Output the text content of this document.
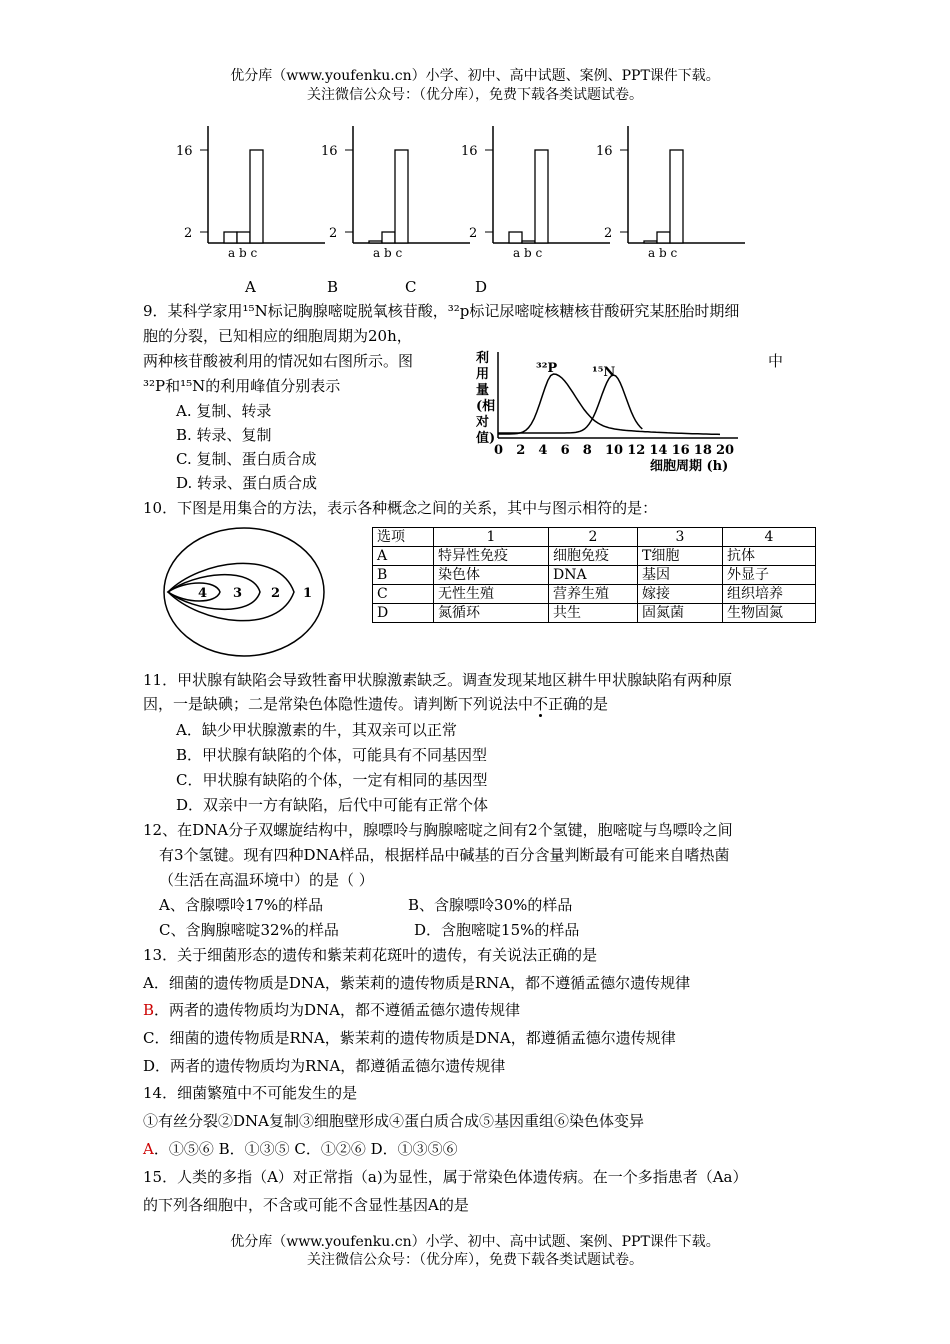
优分库（www.youfenku.cn）小学、初中、高中试题、案例、PPT课件下载。
关注微信公众号：（优分库），免费下载各类试题试卷。
16
2
a b c
16
2
a b c
16
2
a b c
16
2
a b c
A	B	C	D
9．某科学家用¹⁵N标记胸腺嘧啶脱氧核苷酸，³²p标记尿嘧啶核糖核苷酸研究某胚胎时期细
胞的分裂，已知相应的细胞周期为20h，
两种核苷酸被利用的情况如右图所示。图	中
³²P和¹⁵N的利用峰值分别表示
A. 复制、转录
B. 转录、复制
C. 复制、蛋白质合成
D. 转录、蛋白质合成
利
用
量
(相
对
值)
0 2 4 6 8 10 12 14 16 18 20
³²P	¹⁵N
细胞周期 (h)
10．下图是用集合的方法，表示各种概念之间的关系，其中与图示相符的是：
4 3 2 1
选项	1	2	3	4
A	特异性免疫	细胞免疫	T细胞	抗体
B	染色体	DNA	基因	外显子
C	无性生殖	营养生殖	嫁接	组织培养
D	氮循环	共生	固氮菌	生物固氮
11．甲状腺有缺陷会导致牲畜甲状腺激素缺乏。调查发现某地区耕牛甲状腺缺陷有两种原
因，一是缺碘；二是常染色体隐性遗传。请判断下列说法中不正确的是
A．缺少甲状腺激素的牛，其双亲可以正常
B．甲状腺有缺陷的个体，可能具有不同基因型
C．甲状腺有缺陷的个体，一定有相同的基因型
D．双亲中一方有缺陷，后代中可能有正常个体
12、在DNA分子双螺旋结构中，腺嘌呤与胸腺嘧啶之间有2个氢键，胞嘧啶与鸟嘌呤之间
有3个氢键。现有四种DNA样品，根据样品中碱基的百分含量判断最有可能来自嗜热菌
（生活在高温环境中）的是（ ）
A、含腺嘌呤17%的样品	B、含腺嘌呤30%的样品
C、含胸腺嘧啶32%的样品	D．含胞嘧啶15%的样品
13．关于细菌形态的遗传和紫茉莉花斑叶的遗传，有关说法正确的是
A．细菌的遗传物质是DNA，紫茉莉的遗传物质是RNA，都不遵循孟德尔遗传规律
B．两者的遗传物质均为DNA，都不遵循孟德尔遗传规律
C．细菌的遗传物质是RNA，紫茉莉的遗传物质是DNA，都遵循孟德尔遗传规律
D．两者的遗传物质均为RNA，都遵循孟德尔遗传规律
14．细菌繁殖中不可能发生的是
①有丝分裂②DNA复制③细胞壁形成④蛋白质合成⑤基因重组⑥染色体变异
A．①⑤⑥ B．①③⑤ C．①②⑥ D．①③⑤⑥
15．人类的多指（A）对正常指（a)为显性，属于常染色体遗传病。在一个多指患者（Aa）
的下列各细胞中，不含或可能不含显性基因A的是
优分库（www.youfenku.cn）小学、初中、高中试题、案例、PPT课件下载。
关注微信公众号：（优分库），免费下载各类试题试卷。
